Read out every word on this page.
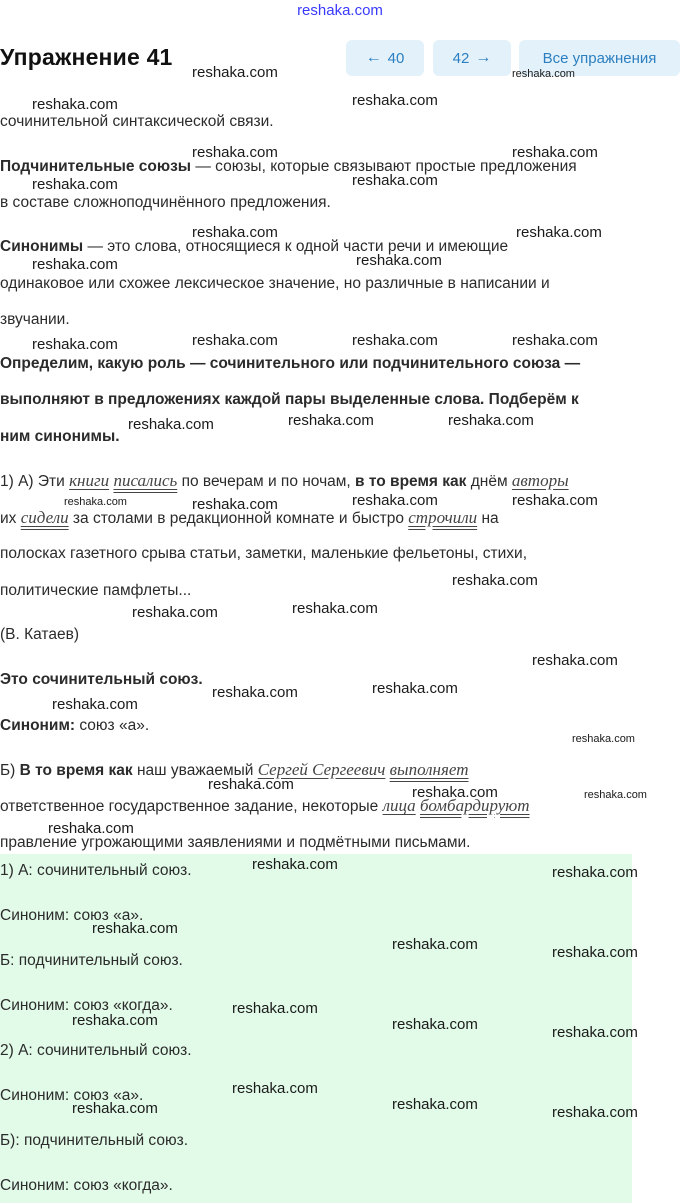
reshaka.com
Упражнение 41	← 40	42 →	Все упражнения
сочинительной синтаксической связи.
Подчинительные союзы — союзы, которые связывают простые предложения
в составе сложноподчинённого предложения.
Синонимы — это слова, относящиеся к одной части речи и имеющие
одинаковое или схожее лексическое значение, но различные в написании и
звучании.
Определим, какую роль — сочинительного или подчинительного союза —
выполняют в предложениях каждой пары выделенные слова. Подберём к
ним синонимы.
1) А) Эти книги писались по вечерам и по ночам, в то время как днём авторы
их сидели за столами в редакционной комнате и быстро строчили на
полосках газетного срыва статьи, заметки, маленькие фельетоны, стихи,
политические памфлеты...
(В. Катаев)
Это сочинительный союз.
Синоним: союз «а».
Б) В то время как наш уважаемый Сергей Сергеевич выполняет
ответственное государственное задание, некоторые лица бомбардируют
правление угрожающими заявлениями и подмётными письмами.
1) А: сочинительный союз.
Синоним: союз «а».
Б: подчинительный союз.
Синоним: союз «когда».
2) А: сочинительный союз.
Синоним: союз «а».
Б): подчинительный союз.
Синоним: союз «когда».
reshaka.com	reshaka.com
reshaka.com	reshaka.com
reshaka.com	reshaka.com
reshaka.com	reshaka.com
reshaka.com	reshaka.com
reshaka.com	reshaka.com
reshaka.com	reshaka.com	reshaka.com	reshaka.com
reshaka.com	reshaka.com	reshaka.com
reshaka.com	reshaka.com	reshaka.com	reshaka.com
reshaka.com
reshaka.com	reshaka.com
reshaka.com
reshaka.com	reshaka.com
reshaka.com
reshaka.com
reshaka.com	reshaka.com	reshaka.com
reshaka.com
reshaka.com	reshaka.com
reshaka.com
reshaka.com	reshaka.com
reshaka.com
reshaka.com	reshaka.com	reshaka.com
reshaka.com
reshaka.com	reshaka.com	reshaka.com
